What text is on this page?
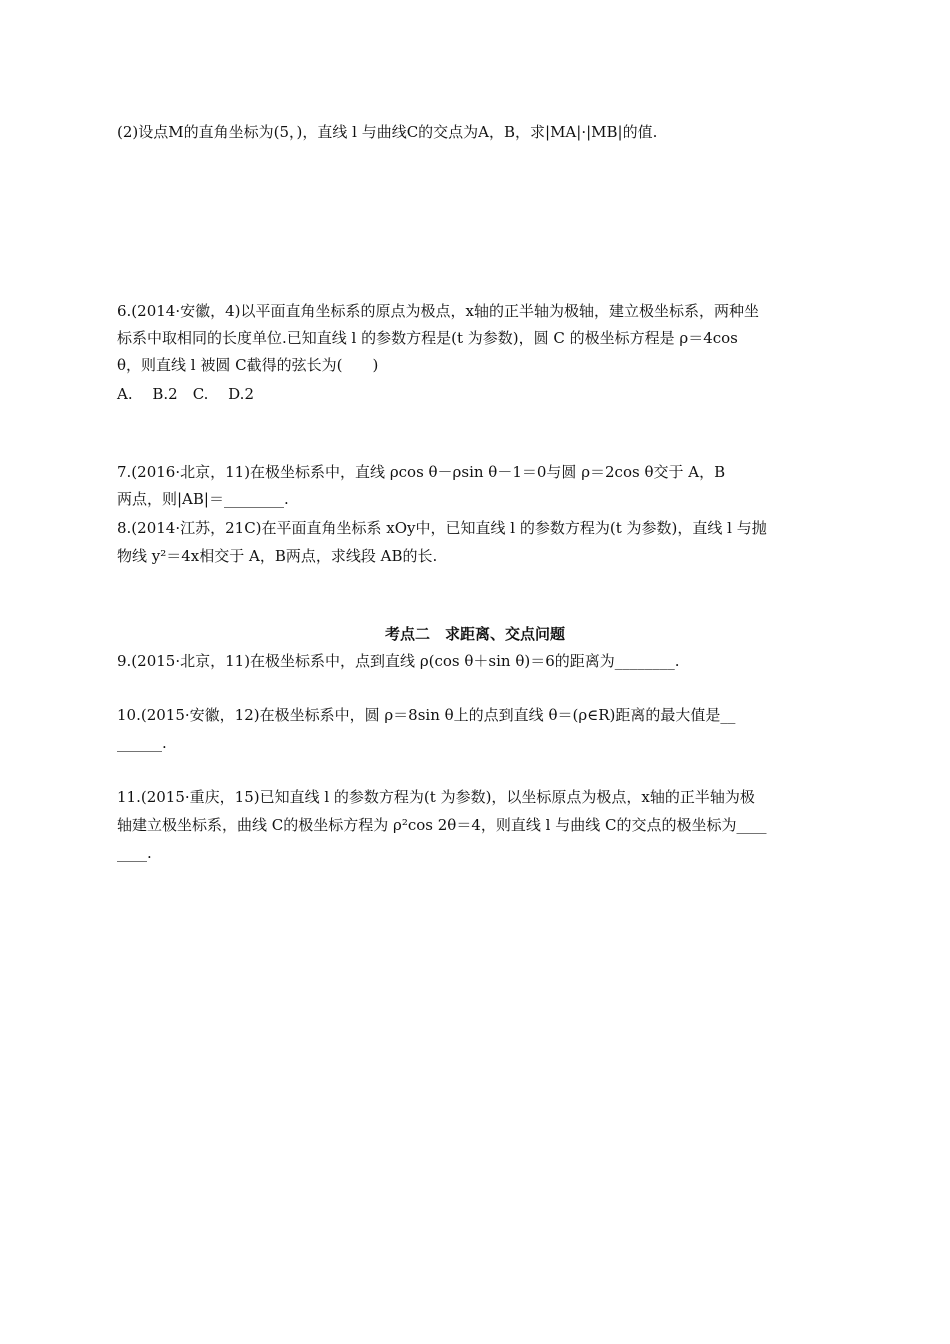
(2)设点M的直角坐标为(5，)，直线 l 与曲线C的交点为A，B，求|MA|·|MB|的值.
6.(2014·安徽，4)以平面直角坐标系的原点为极点，x轴的正半轴为极轴，建立极坐标系，两种坐
标系中取相同的长度单位.已知直线 l 的参数方程是(t 为参数)，圆 C 的极坐标方程是 ρ＝4cos
θ，则直线 l 被圆 C截得的弦长为(　　)
A.　 B.2　C.　 D.2
7.(2016·北京，11)在极坐标系中，直线 ρcos θ－ρsin θ－1＝0与圆 ρ＝2cos θ交于 A，B
两点，则|AB|＝________.
8.(2014·江苏，21C)在平面直角坐标系 xOy中，已知直线 l 的参数方程为(t 为参数)，直线 l 与抛
物线 y²＝4x相交于 A，B两点，求线段 AB的长.
考点二　求距离、交点问题
9.(2015·北京，11)在极坐标系中，点到直线 ρ(cos θ＋sin θ)＝6的距离为________.
10.(2015·安徽，12)在极坐标系中，圆 ρ＝8sin θ上的点到直线 θ＝(ρ∈R)距离的最大值是__
______.
11.(2015·重庆，15)已知直线 l 的参数方程为(t 为参数)，以坐标原点为极点，x轴的正半轴为极
轴建立极坐标系，曲线 C的极坐标方程为 ρ²cos 2θ＝4，则直线 l 与曲线 C的交点的极坐标为____
____.
